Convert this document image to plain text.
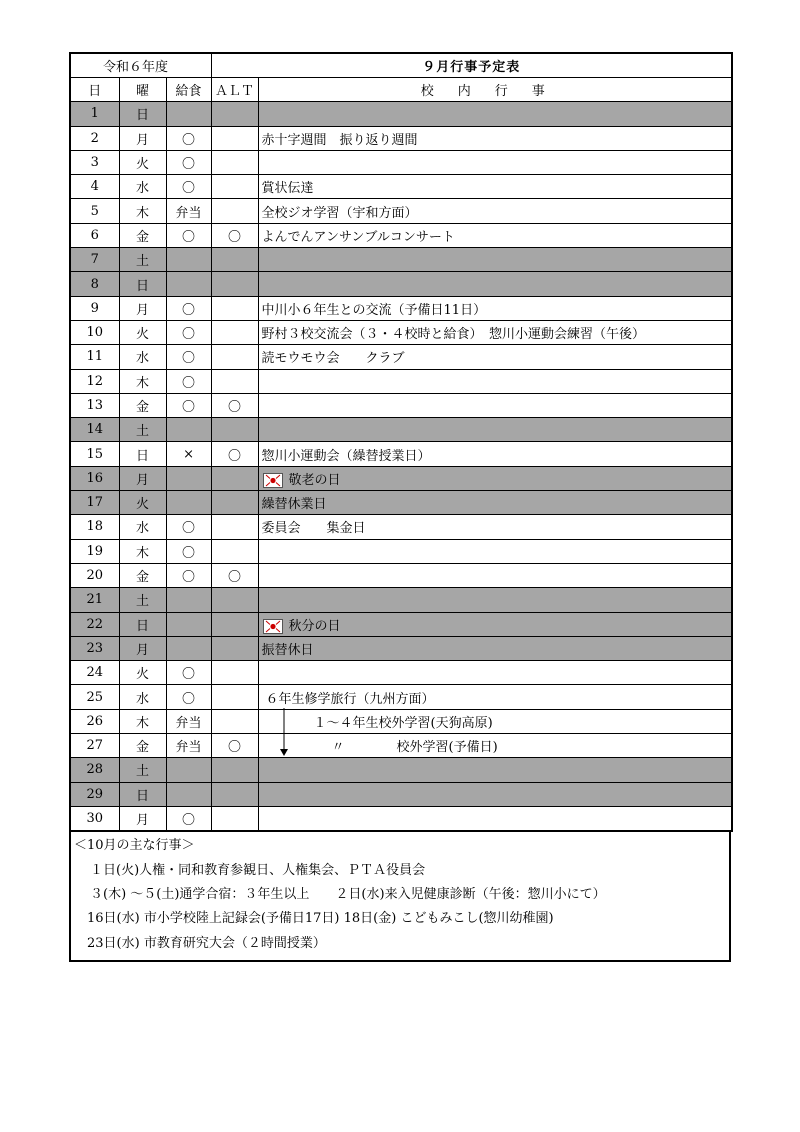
令和６年度			９月行事予定表	
日	曜	給食	ＡＬＴ	校内行事
1	日			
2	月	〇		赤十字週間　振り返り週間
3	火	〇		
4	水	〇		賞状伝達
5	木	弁当		全校ジオ学習（宇和方面）
6	金	〇	〇	よんでんアンサンブルコンサート
7	土			
8	日			
9	月	〇		中川小６年生との交流（予備日11日）
10	火	〇		野村３校交流会（３・４校時と給食）　惣川小運動会練習（午後）
11	水	〇		読モウモウ会　　クラブ
12	木	〇		
13	金	〇	〇	
14	土			
15	日	×	〇	惣川小運動会（繰替授業日）
16	月			敬老の日
17	火			繰替休業日
18	水	〇		委員会　　集金日
19	木	〇		
20	金	〇	〇	
21	土			
22	日			秋分の日
23	月			振替休日
24	火	〇		
25	水	〇		６年生修学旅行（九州方面）
26	木	弁当		１～４年生校外学習(天狗高原)
27	金	弁当	〇	〃　　　　校外学習(予備日)
28	土			
29	日			
30	月	〇		
＜10月の主な行事＞
１日(火)人権・同和教育参観日、人権集会、ＰＴＡ役員会
３(木) ～５(土)通学合宿：３年生以上　　２日(水)来入児健康診断（午後：惣川小にて）
16日(水) 市小学校陸上記録会(予備日17日) 18日(金) こどもみこし(惣川幼稚園)
23日(水) 市教育研究大会（２時間授業）
